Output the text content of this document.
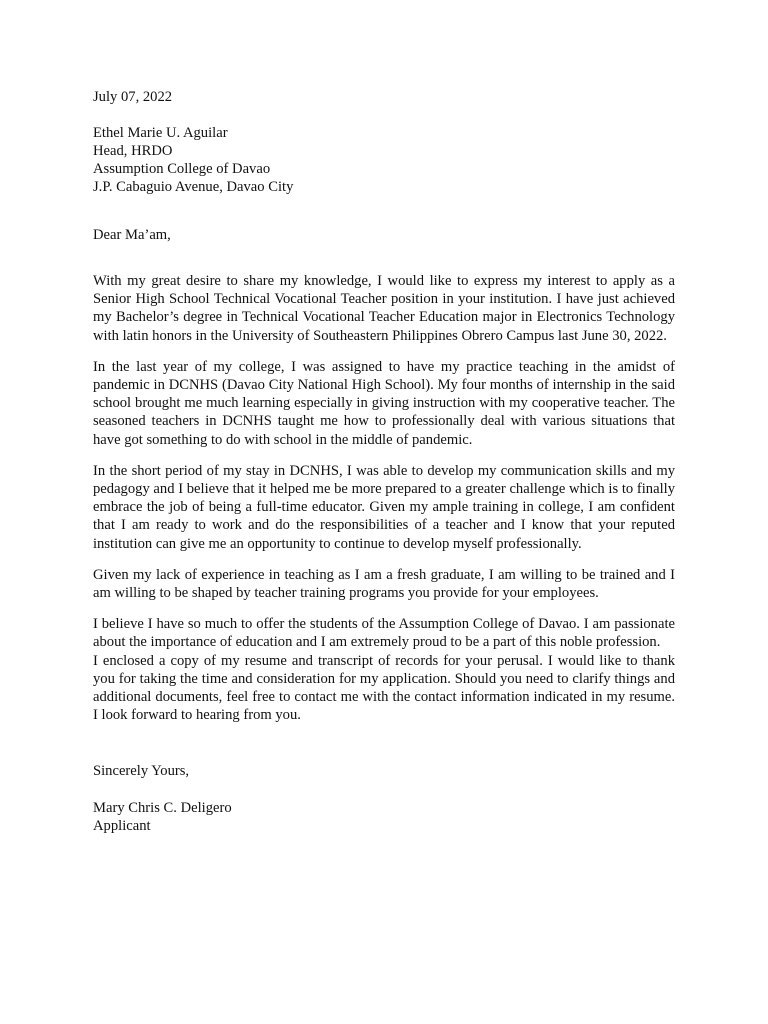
July 07, 2022

Ethel Marie U. Aguilar

Head, HRDO

Assumption College of Davao

J.P. Cabaguio Avenue, Davao City

Dear Ma’am,

With my great desire to share my knowledge, I would like to express my interest to apply as a Senior High School Technical Vocational Teacher position in your institution. I have just achieved my Bachelor’s degree in Technical Vocational Teacher Education major in Electronics Technology with latin honors in the University of Southeastern Philippines Obrero Campus last June 30, 2022.

In the last year of my college, I was assigned to have my practice teaching in the amidst of pandemic in DCNHS (Davao City National High School). My four months of internship in the said school brought me much learning especially in giving instruction with my cooperative teacher. The seasoned teachers in DCNHS taught me how to professionally deal with various situations that have got something to do with school in the middle of pandemic.

In the short period of my stay in DCNHS, I was able to develop my communication skills and my pedagogy and I believe that it helped me be more prepared to a greater challenge which is to finally embrace the job of being a full-time educator. Given my ample training in college, I am confident that I am ready to work and do the responsibilities of a teacher and I know that your reputed institution can give me an opportunity to continue to develop myself professionally.

Given my lack of experience in teaching as I am a fresh graduate, I am willing to be trained and I am willing to be shaped by teacher training programs you provide for your employees.

I believe I have so much to offer the students of the Assumption College of Davao. I am passionate about the importance of education and I am extremely proud to be a part of this noble profession.

I enclosed a copy of my resume and transcript of records for your perusal. I would like to thank you for taking the time and consideration for my application. Should you need to clarify things and additional documents, feel free to contact me with the contact information indicated in my resume. I look forward to hearing from you.

Sincerely Yours,

Mary Chris C. Deligero

Applicant
